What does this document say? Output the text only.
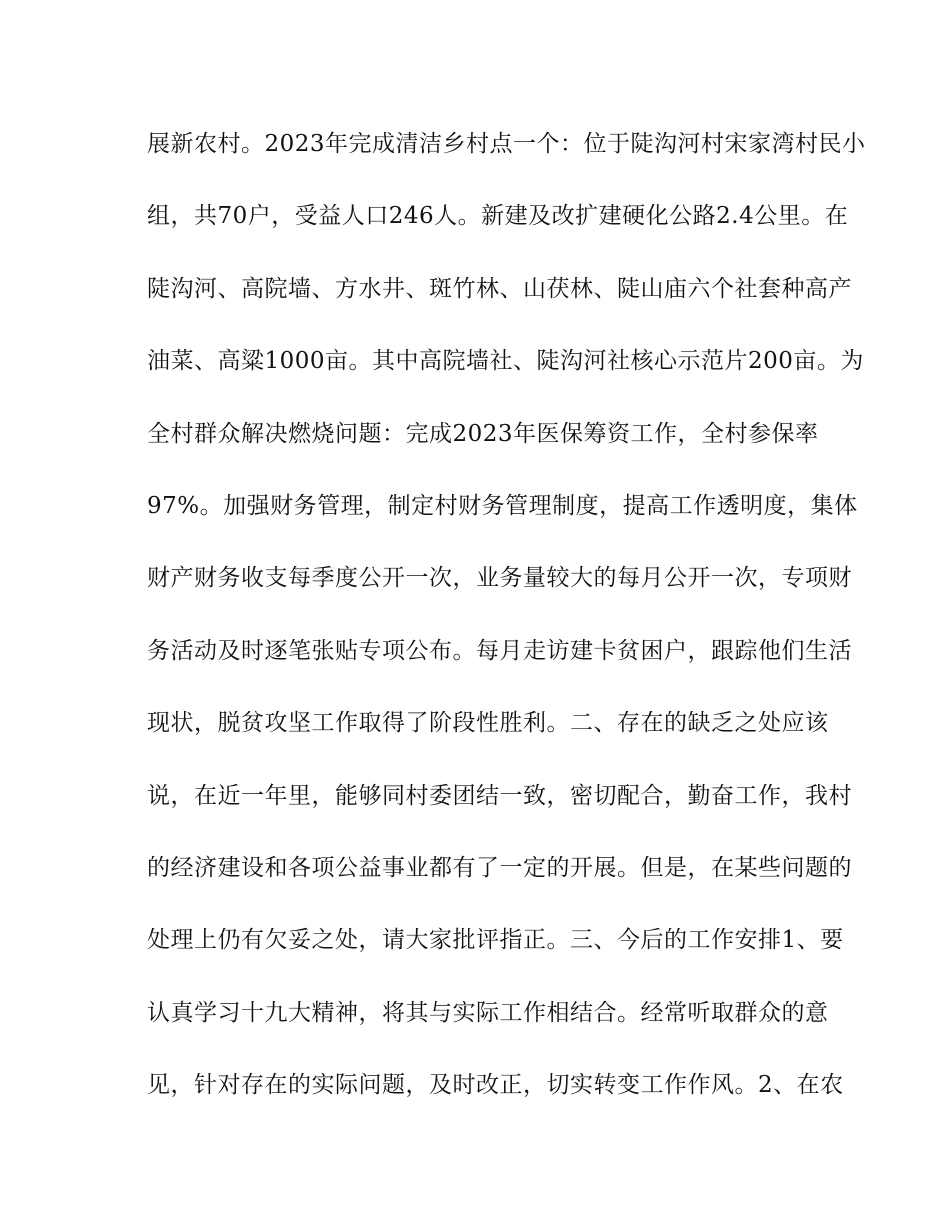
展新农村。2023年完成清洁乡村点一个：位于陡沟河村宋家湾村民小
组，共70户，受益人口246人。新建及改扩建硬化公路2.4公里。在
陡沟河、高院墙、方水井、斑竹林、山茯林、陡山庙六个社套种高产
油菜、高粱1000亩。其中高院墙社、陡沟河社核心示范片200亩。为
全村群众解决燃烧问题：完成2023年医保筹资工作，全村参保率
97%。加强财务管理，制定村财务管理制度，提高工作透明度，集体
财产财务收支每季度公开一次，业务量较大的每月公开一次，专项财
务活动及时逐笔张贴专项公布。每月走访建卡贫困户，跟踪他们生活
现状，脱贫攻坚工作取得了阶段性胜利。二、存在的缺乏之处应该
说，在近一年里，能够同村委团结一致，密切配合，勤奋工作，我村
的经济建设和各项公益事业都有了一定的开展。但是，在某些问题的
处理上仍有欠妥之处，请大家批评指正。三、今后的工作安排1、要
认真学习十九大精神，将其与实际工作相结合。经常听取群众的意
见，针对存在的实际问题，及时改正，切实转变工作作风。2、在农
